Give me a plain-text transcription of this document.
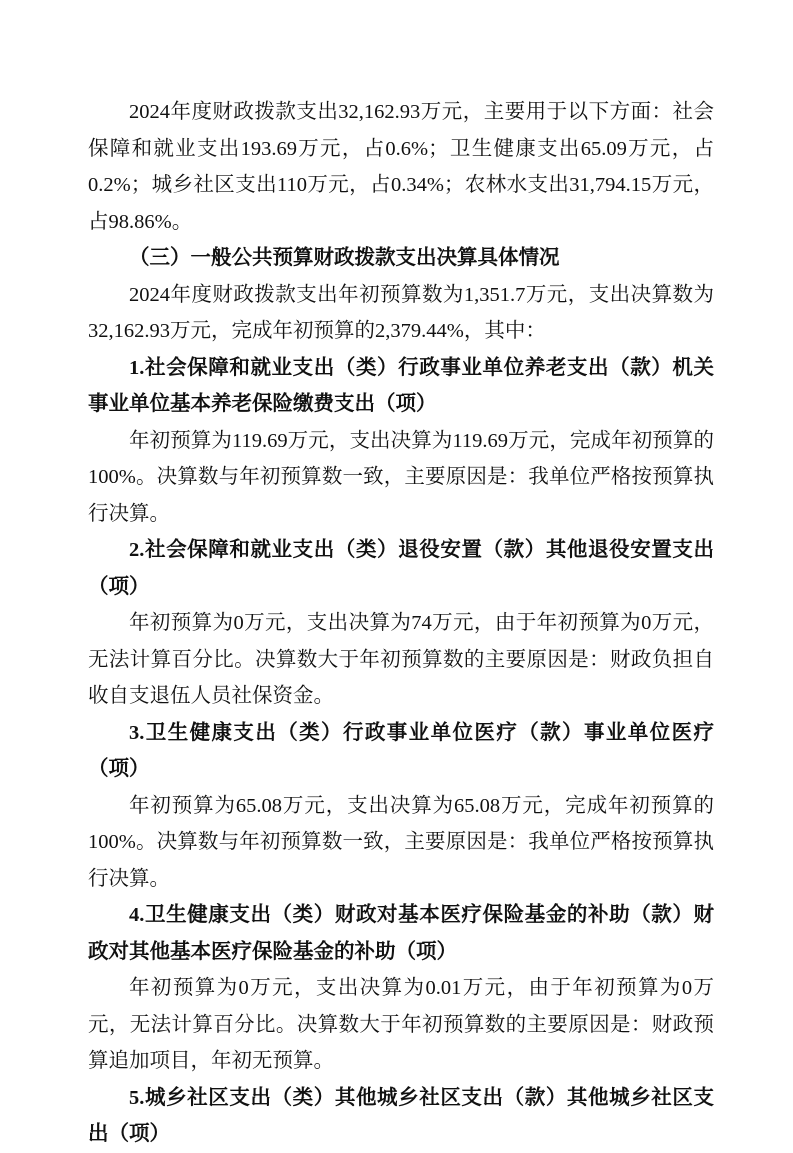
2024年度财政拨款支出32,162.93万元，主要用于以下方面：社会保障和就业支出193.69万元，占0.6%；卫生健康支出65.09万元，占0.2%；城乡社区支出110万元，占0.34%；农林水支出31,794.15万元，占98.86%。

（三）一般公共预算财政拨款支出决算具体情况

2024年度财政拨款支出年初预算数为1,351.7万元，支出决算数为32,162.93万元，完成年初预算的2,379.44%，其中：

1.社会保障和就业支出（类）行政事业单位养老支出（款）机关事业单位基本养老保险缴费支出（项）

年初预算为119.69万元，支出决算为119.69万元，完成年初预算的100%。决算数与年初预算数一致，主要原因是：我单位严格按预算执行决算。

2.社会保障和就业支出（类）退役安置（款）其他退役安置支出（项）

年初预算为0万元，支出决算为74万元，由于年初预算为0万元，无法计算百分比。决算数大于年初预算数的主要原因是：财政负担自收自支退伍人员社保资金。

3.卫生健康支出（类）行政事业单位医疗（款）事业单位医疗（项）

年初预算为65.08万元，支出决算为65.08万元，完成年初预算的100%。决算数与年初预算数一致，主要原因是：我单位严格按预算执行决算。

4.卫生健康支出（类）财政对基本医疗保险基金的补助（款）财政对其他基本医疗保险基金的补助（项）

年初预算为0万元，支出决算为0.01万元，由于年初预算为0万元，无法计算百分比。决算数大于年初预算数的主要原因是：财政预算追加项目，年初无预算。

5.城乡社区支出（类）其他城乡社区支出（款）其他城乡社区支出（项）
